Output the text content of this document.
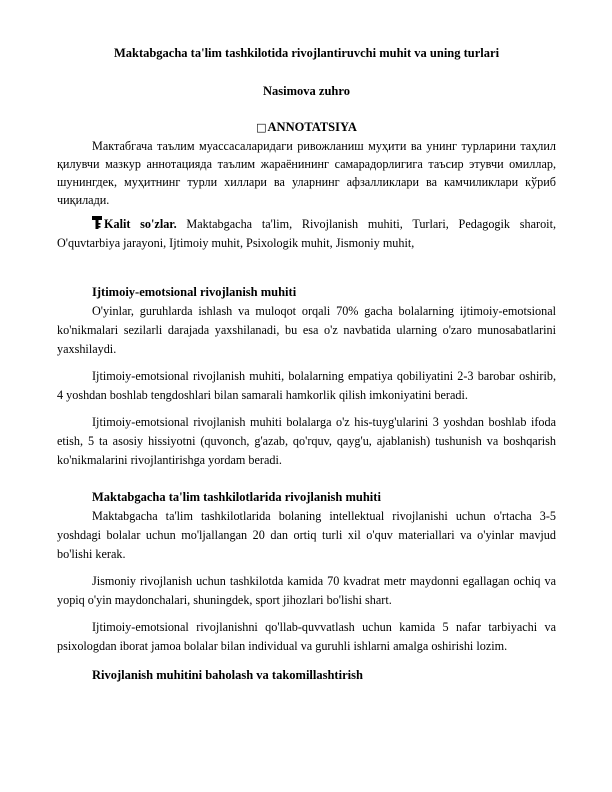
Maktabgacha ta'lim tashkilotida rivojlantiruvchi muhit va uning turlari
Nasimova zuhro
□ANNOTATSIYA

Мактабгача таълим муассасаларидаги ривожланиш муҳити ва унинг турларини таҳлил қилувчи мазкур аннотацияда таълим жараёнининг самарадорлигига таъсир этувчи омиллар, шунингдек, муҳитнинг турли хиллари ва уларнинг афзалликлари ва камчиликлари кўриб чиқилади.

Kalit so'zlar. Maktabgacha ta'lim, Rivojlanish muhiti, Turlari, Pedagogik sharoit, O'quvtarbiya jarayoni, Ijtimoiy muhit, Psixologik muhit, Jismoniy muhit,

Ijtimoiy-emotsional rivojlanish muhiti

O'yinlar, guruhlarda ishlash va muloqot orqali 70% gacha bolalarning ijtimoiy-emotsional ko'nikmalari sezilarli darajada yaxshilanadi, bu esa o'z navbatida ularning o'zaro munosabatlarini yaxshilaydi.

Ijtimoiy-emotsional rivojlanish muhiti, bolalarning empatiya qobiliyatini 2-3 barobar oshirib, 4 yoshdan boshlab tengdoshlari bilan samarali hamkorlik qilish imkoniyatini beradi.

Ijtimoiy-emotsional rivojlanish muhiti bolalarga o'z his-tuyg'ularini 3 yoshdan boshlab ifoda etish, 5 ta asosiy hissiyotni (quvonch, g'azab, qo'rquv, qayg'u, ajablanish) tushunish va boshqarish ko'nikmalarini rivojlantirishga yordam beradi.

Maktabgacha ta'lim tashkilotlarida rivojlanish muhiti

Maktabgacha ta'lim tashkilotlarida bolaning intellektual rivojlanishi uchun o'rtacha 3-5 yoshdagi bolalar uchun mo'ljallangan 20 dan ortiq turli xil o'quv materiallari va o'yinlar mavjud bo'lishi kerak.

Jismoniy rivojlanish uchun tashkilotda kamida 70 kvadrat metr maydonni egallagan ochiq va yopiq o'yin maydonchalari, shuningdek, sport jihozlari bo'lishi shart.

Ijtimoiy-emotsional rivojlanishni qo'llab-quvvatlash uchun kamida 5 nafar tarbiyachi va psixologdan iborat jamoa bolalar bilan individual va guruhli ishlarni amalga oshirishi lozim.

Rivojlanish muhitini baholash va takomillashtirish
